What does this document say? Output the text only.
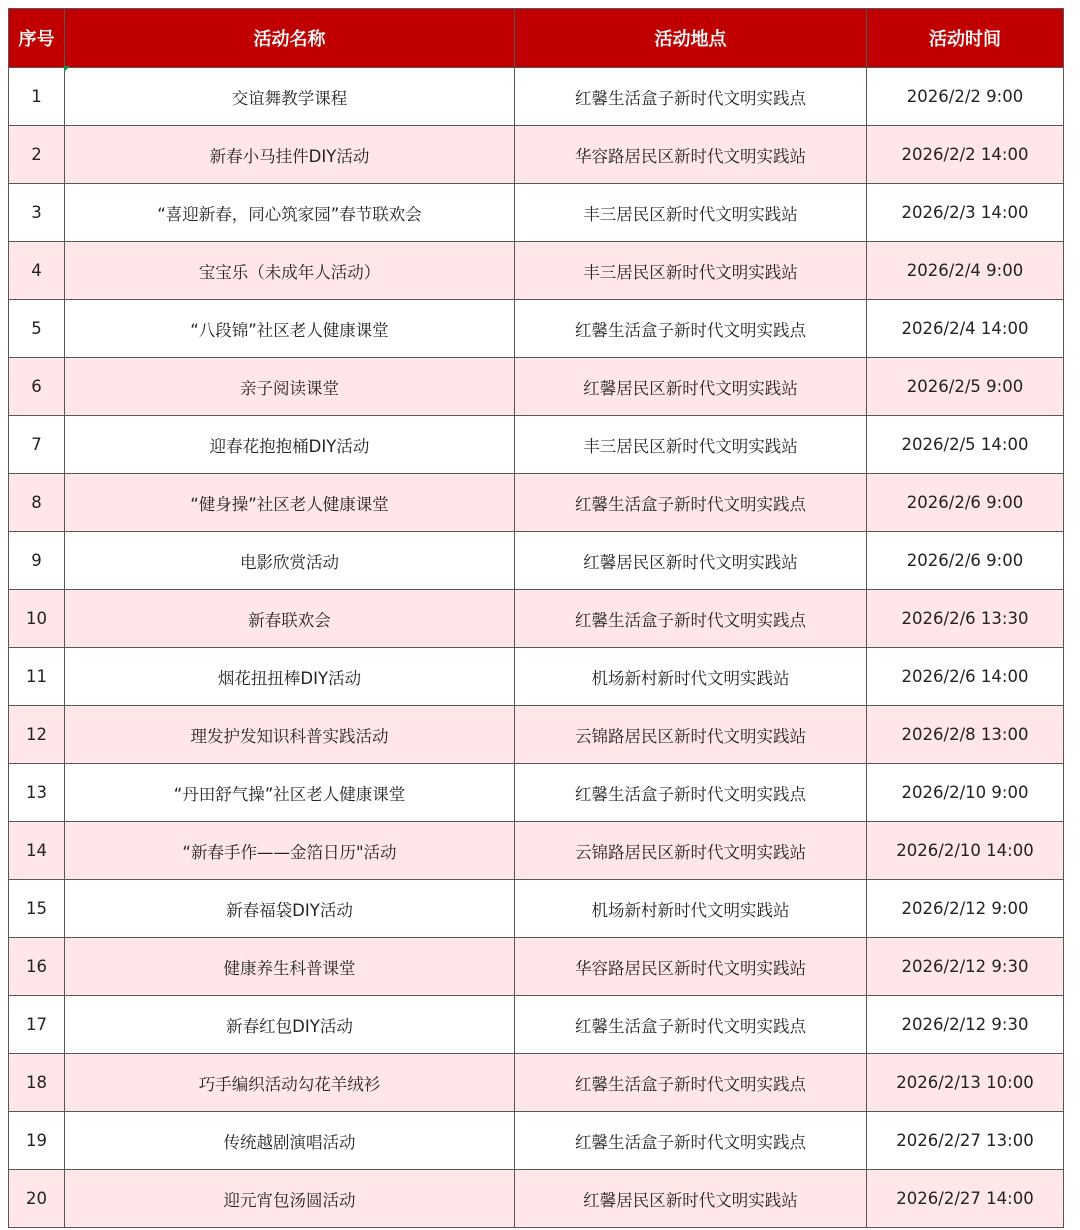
序号	活动名称	活动地点	活动时间
1	交谊舞教学课程	红馨生活盒子新时代文明实践点	2026/2/2 9:00
2	新春小马挂件DIY活动	华容路居民区新时代文明实践站	2026/2/2 14:00
3	“喜迎新春，同心筑家园”春节联欢会	丰三居民区新时代文明实践站	2026/2/3 14:00
4	宝宝乐（未成年人活动）	丰三居民区新时代文明实践站	2026/2/4 9:00
5	“八段锦”社区老人健康课堂	红馨生活盒子新时代文明实践点	2026/2/4 14:00
6	亲子阅读课堂	红馨居民区新时代文明实践站	2026/2/5 9:00
7	迎春花抱抱桶DIY活动	丰三居民区新时代文明实践站	2026/2/5 14:00
8	“健身操”社区老人健康课堂	红馨生活盒子新时代文明实践点	2026/2/6 9:00
9	电影欣赏活动	红馨居民区新时代文明实践站	2026/2/6 9:00
10	新春联欢会	红馨生活盒子新时代文明实践点	2026/2/6 13:30
11	烟花扭扭棒DIY活动	机场新村新时代文明实践站	2026/2/6 14:00
12	理发护发知识科普实践活动	云锦路居民区新时代文明实践站	2026/2/8 13:00
13	“丹田舒气操”社区老人健康课堂	红馨生活盒子新时代文明实践点	2026/2/10 9:00
14	“新春手作——金箔日历"活动	云锦路居民区新时代文明实践站	2026/2/10 14:00
15	新春福袋DIY活动	机场新村新时代文明实践站	2026/2/12 9:00
16	健康养生科普课堂	华容路居民区新时代文明实践站	2026/2/12 9:30
17	新春红包DIY活动	红馨生活盒子新时代文明实践点	2026/2/12 9:30
18	巧手编织活动勾花羊绒衫	红馨生活盒子新时代文明实践点	2026/2/13 10:00
19	传统越剧演唱活动	红馨生活盒子新时代文明实践点	2026/2/27 13:00
20	迎元宵包汤圆活动	红馨居民区新时代文明实践站	2026/2/27 14:00
